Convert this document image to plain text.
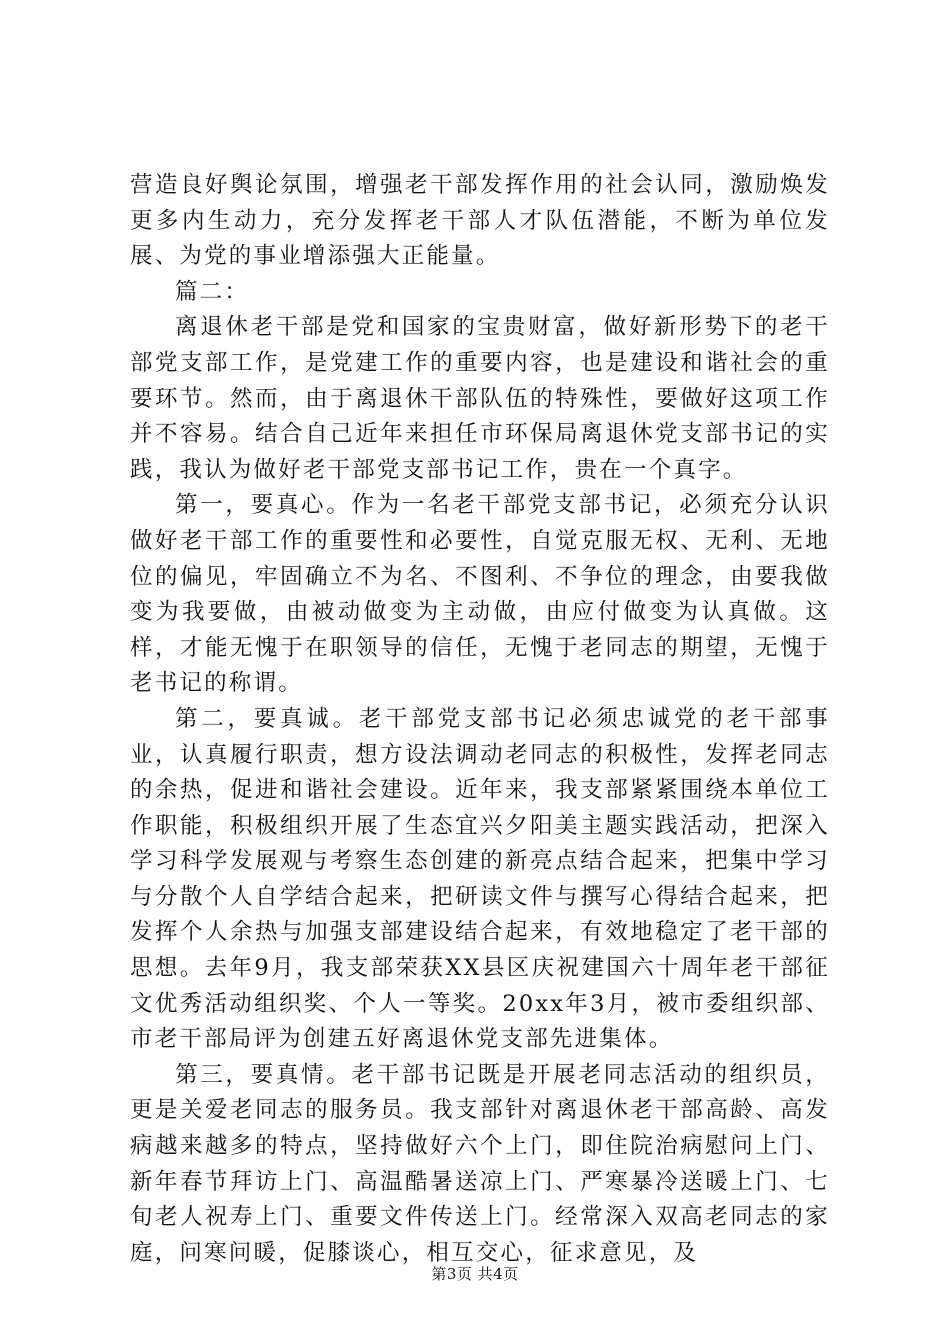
营造良好舆论氛围，增强老干部发挥作用的社会认同，激励焕发更多内生动力，充分发挥老干部人才队伍潜能，不断为单位发展、为党的事业增添强大正能量。

篇二：

离退休老干部是党和国家的宝贵财富，做好新形势下的老干部党支部工作，是党建工作的重要内容，也是建设和谐社会的重要环节。然而，由于离退休干部队伍的特殊性，要做好这项工作并不容易。结合自己近年来担任市环保局离退休党支部书记的实践，我认为做好老干部党支部书记工作，贵在一个真字。

第一，要真心。作为一名老干部党支部书记，必须充分认识做好老干部工作的重要性和必要性，自觉克服无权、无利、无地位的偏见，牢固确立不为名、不图利、不争位的理念，由要我做变为我要做，由被动做变为主动做，由应付做变为认真做。这样，才能无愧于在职领导的信任，无愧于老同志的期望，无愧于老书记的称谓。

第二，要真诚。老干部党支部书记必须忠诚党的老干部事业，认真履行职责，想方设法调动老同志的积极性，发挥老同志的余热，促进和谐社会建设。近年来，我支部紧紧围绕本单位工作职能，积极组织开展了生态宜兴夕阳美主题实践活动，把深入学习科学发展观与考察生态创建的新亮点结合起来，把集中学习与分散个人自学结合起来，把研读文件与撰写心得结合起来，把发挥个人余热与加强支部建设结合起来，有效地稳定了老干部的思想。去年9月，我支部荣获XX县区庆祝建国六十周年老干部征文优秀活动组织奖、个人一等奖。20xx年3月，被市委组织部、市老干部局评为创建五好离退休党支部先进集体。

第三，要真情。老干部书记既是开展老同志活动的组织员，更是关爱老同志的服务员。我支部针对离退休老干部高龄、高发病越来越多的特点，坚持做好六个上门，即住院治病慰问上门、新年春节拜访上门、高温酷暑送凉上门、严寒暴冷送暖上门、七旬老人祝寿上门、重要文件传送上门。经常深入双高老同志的家庭，问寒问暖，促膝谈心，相互交心，征求意见，及

第3页 共4页
